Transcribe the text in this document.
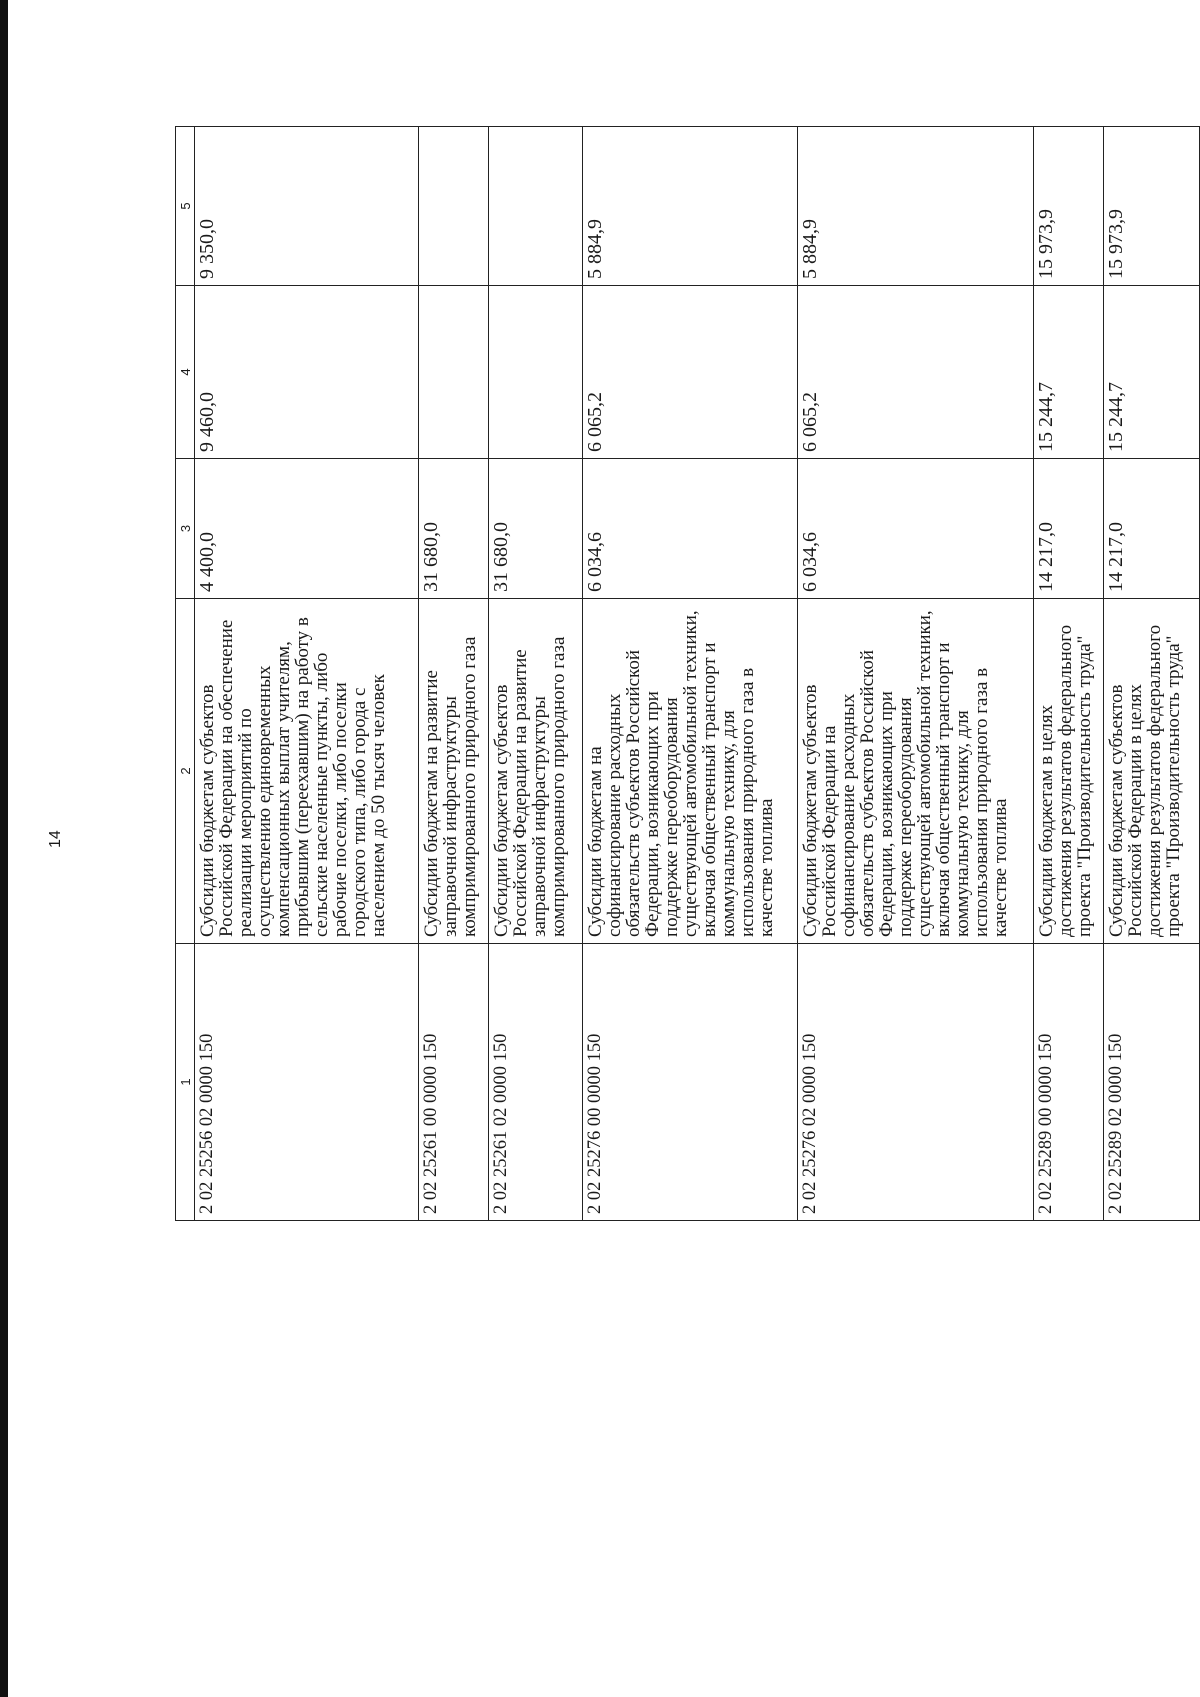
14
1	2	3	4	5
2 02 25256 02 0000 150	Субсидии бюджетам субъектов Российской Федерации на обеспечение реализации мероприятий по осуществлению единовременных компенсационных выплат учителям, прибывшим (переехавшим) на работу в сельские населенные пункты, либо рабочие поселки, либо поселки городского типа, либо города с населением до 50 тысяч человек	4 400,0	9 460,0	9 350,0
2 02 25261 00 0000 150	Субсидии бюджетам на развитие заправочной инфраструктуры компримированного природного газа	31 680,0		
2 02 25261 02 0000 150	Субсидии бюджетам субъектов Российской Федерации на развитие заправочной инфраструктуры компримированного природного газа	31 680,0		
2 02 25276 00 0000 150	Субсидии бюджетам на софинансирование расходных обязательств субъектов Российской Федерации, возникающих при поддержке переоборудования существующей автомобильной техники, включая общественный транспорт и коммунальную технику, для использования природного газа в качестве топлива	6 034,6	6 065,2	5 884,9
2 02 25276 02 0000 150	Субсидии бюджетам субъектов Российской Федерации на софинансирование расходных обязательств субъектов Российской Федерации, возникающих при поддержке переоборудования существующей автомобильной техники, включая общественный транспорт и коммунальную технику, для использования природного газа в качестве топлива	6 034,6	6 065,2	5 884,9
2 02 25289 00 0000 150	Субсидии бюджетам в целях достижения результатов федерального проекта "Производительность труда"	14 217,0	15 244,7	15 973,9
2 02 25289 02 0000 150	Субсидии бюджетам субъектов Российской Федерации в целях достижения результатов федерального проекта "Производительность труда"	14 217,0	15 244,7	15 973,9
